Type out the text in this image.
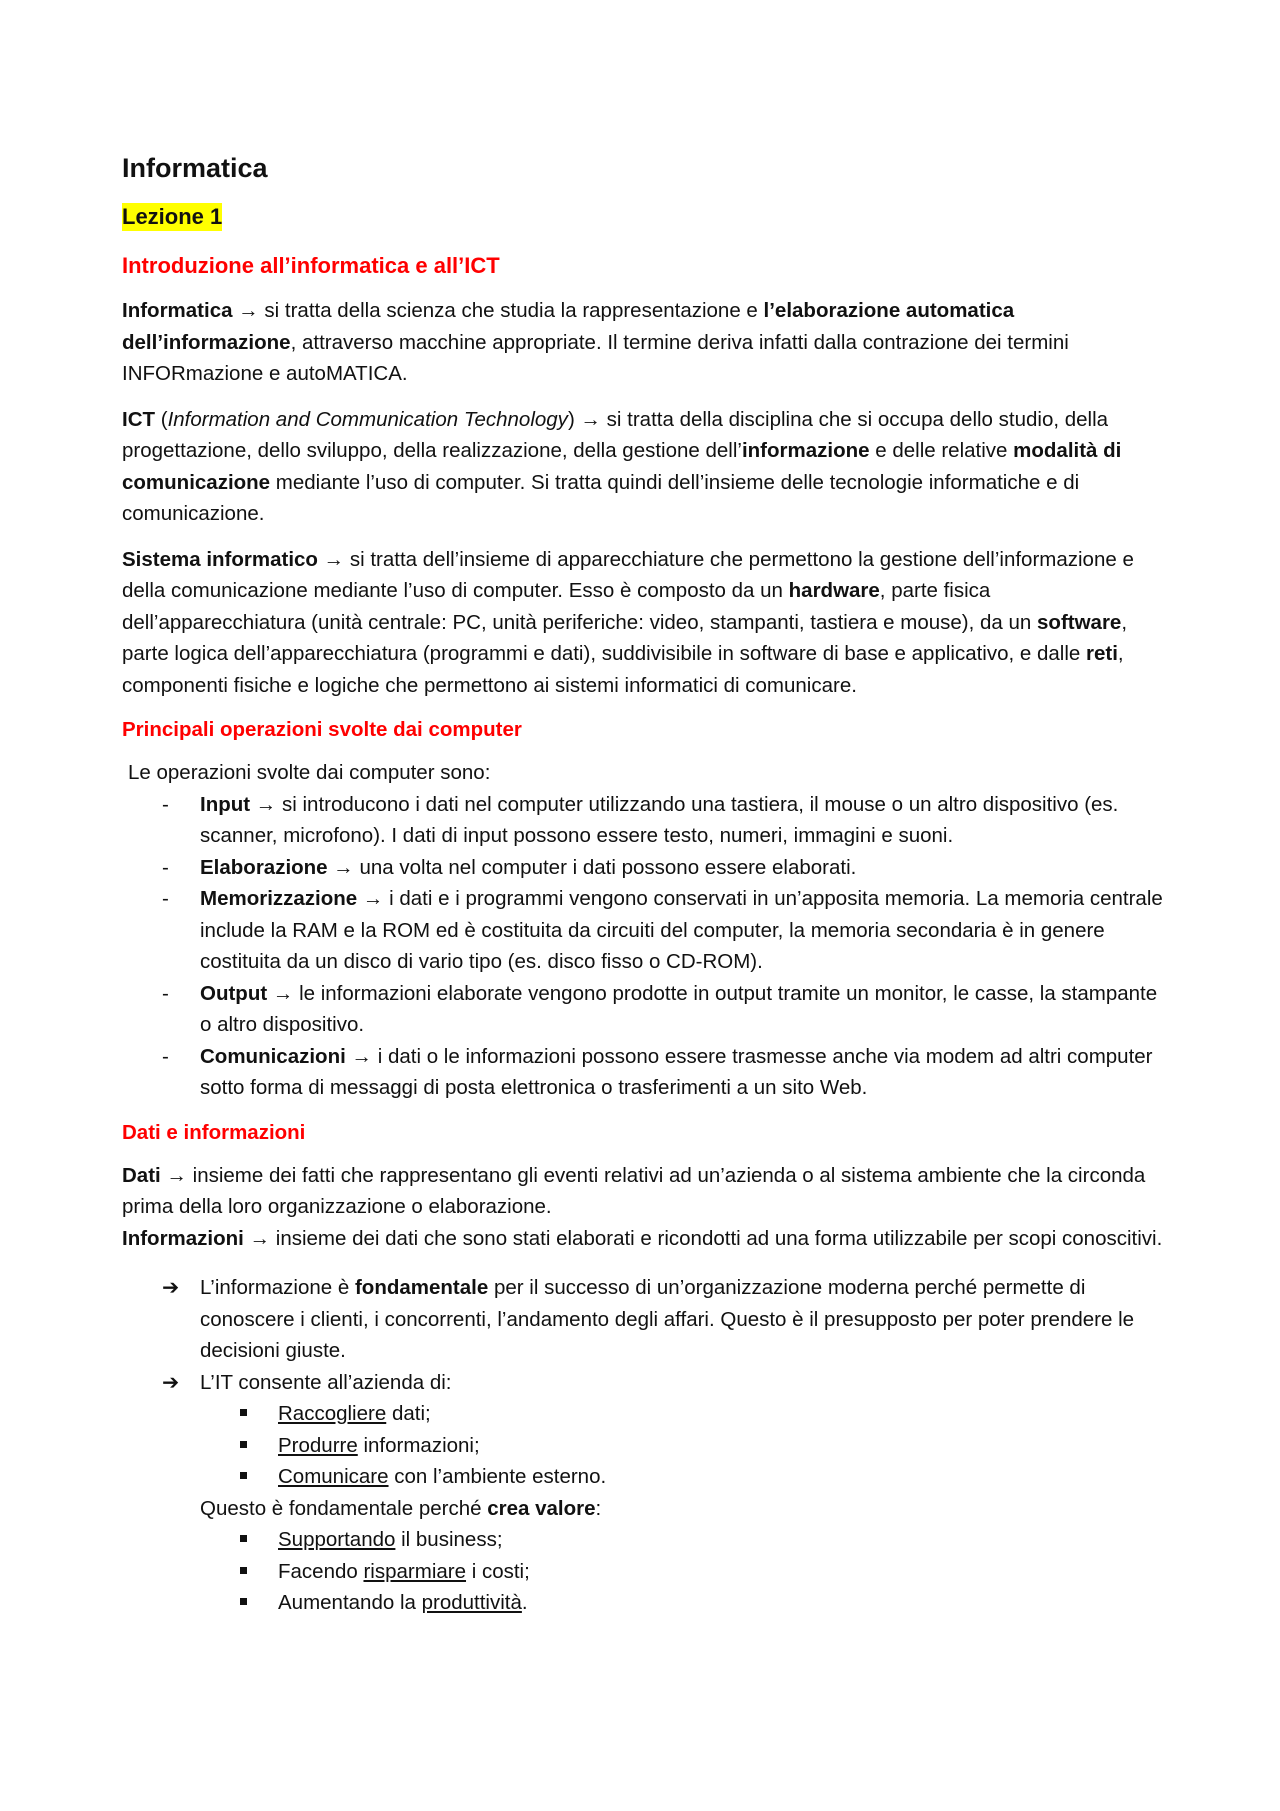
Informatica
Lezione 1
Introduzione all’informatica e all’ICT

Informatica → si tratta della scienza che studia la rappresentazione e l’elaborazione automatica dell’informazione, attraverso macchine appropriate. Il termine deriva infatti dalla contrazione dei termini INFORmazione e autoMATICA.

ICT (Information and Communication Technology) → si tratta della disciplina che si occupa dello studio, della progettazione, dello sviluppo, della realizzazione, della gestione dell’informazione e delle relative modalità di comunicazione mediante l’uso di computer. Si tratta quindi dell’insieme delle tecnologie informatiche e di comunicazione.

Sistema informatico → si tratta dell’insieme di apparecchiature che permettono la gestione dell’informazione e della comunicazione mediante l’uso di computer. Esso è composto da un hardware, parte fisica dell’apparecchiatura (unità centrale: PC, unità periferiche: video, stampanti, tastiera e mouse), da un software, parte logica dell’apparecchiatura (programmi e dati), suddivisibile in software di base e applicativo, e dalle reti, componenti fisiche e logiche che permettono ai sistemi informatici di comunicare.

Principali operazioni svolte dai computer
Le operazioni svolte dai computer sono:
- Input → si introducono i dati nel computer utilizzando una tastiera, il mouse o un altro dispositivo (es. scanner, microfono). I dati di input possono essere testo, numeri, immagini e suoni.
- Elaborazione → una volta nel computer i dati possono essere elaborati.
- Memorizzazione → i dati e i programmi vengono conservati in un’apposita memoria. La memoria centrale include la RAM e la ROM ed è costituita da circuiti del computer, la memoria secondaria è in genere costituita da un disco di vario tipo (es. disco fisso o CD-ROM).
- Output → le informazioni elaborate vengono prodotte in output tramite un monitor, le casse, la stampante o altro dispositivo.
- Comunicazioni → i dati o le informazioni possono essere trasmesse anche via modem ad altri computer sotto forma di messaggi di posta elettronica o trasferimenti a un sito Web.
Dati e informazioni
Dati → insieme dei fatti che rappresentano gli eventi relativi ad un’azienda o al sistema ambiente che la circonda prima della loro organizzazione o elaborazione.
Informazioni → insieme dei dati che sono stati elaborati e ricondotti ad una forma utilizzabile per scopi conoscitivi.
➔ L’informazione è fondamentale per il successo di un’organizzazione moderna perché permette di conoscere i clienti, i concorrenti, l’andamento degli affari. Questo è il presupposto per poter prendere le decisioni giuste.
➔ L’IT consente all’azienda di:
Raccogliere dati;
Produrre informazioni;
Comunicare con l’ambiente esterno.
Questo è fondamentale perché crea valore:
Supportando il business;
Facendo risparmiare i costi;
Aumentando la produttività.
